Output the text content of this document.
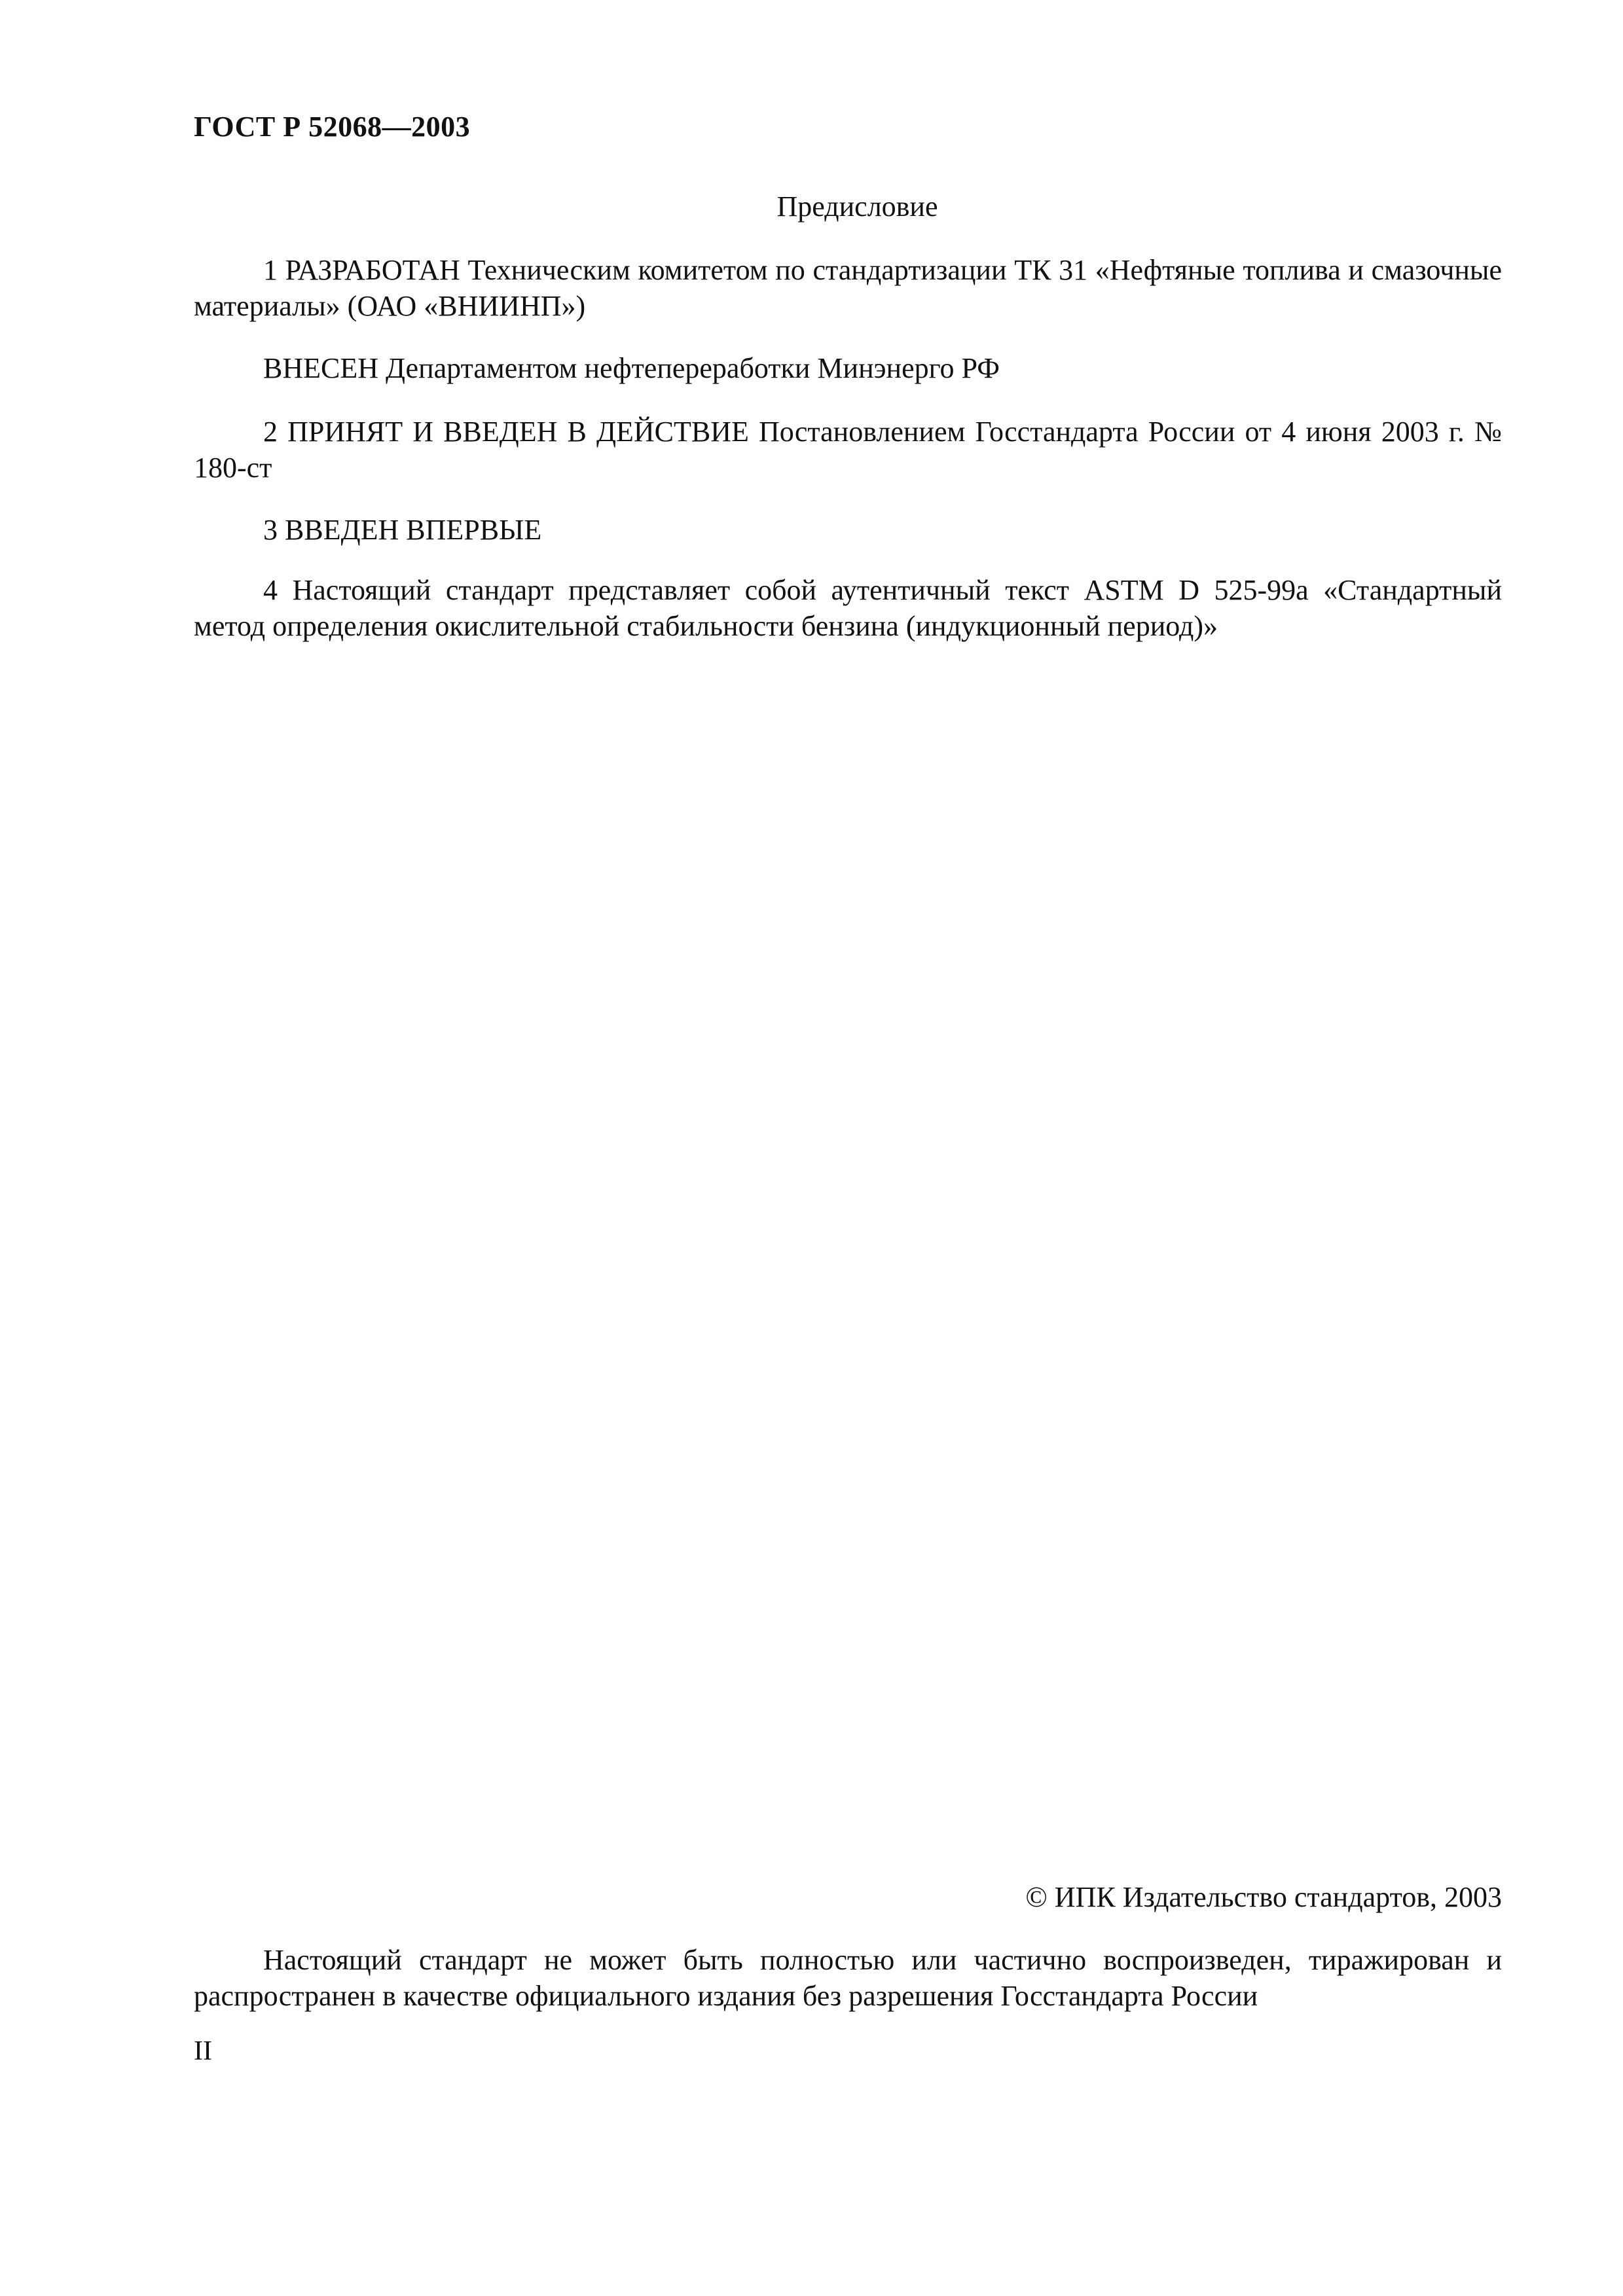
ГОСТ Р 52068—2003
Предисловие

1 РАЗРАБОТАН Техническим комитетом по стандартизации ТК 31 «Нефтяные топлива и смазочные материалы» (ОАО «ВНИИНП»)

ВНЕСЕН Департаментом нефтепереработки Минэнерго РФ

2 ПРИНЯТ И ВВЕДЕН В ДЕЙСТВИЕ Постановлением Госстандарта России от 4 июня 2003 г. № 180-ст

3 ВВЕДЕН ВПЕРВЫЕ

4 Настоящий стандарт представляет собой аутентичный текст ASTM D 525-99a «Стандартный метод определения окислительной стабильности бензина (индукционный период)»

© ИПК Издательство стандартов, 2003

Настоящий стандарт не может быть полностью или частично воспроизведен, тиражирован и распространен в качестве официального издания без разрешения Госстандарта России

II
